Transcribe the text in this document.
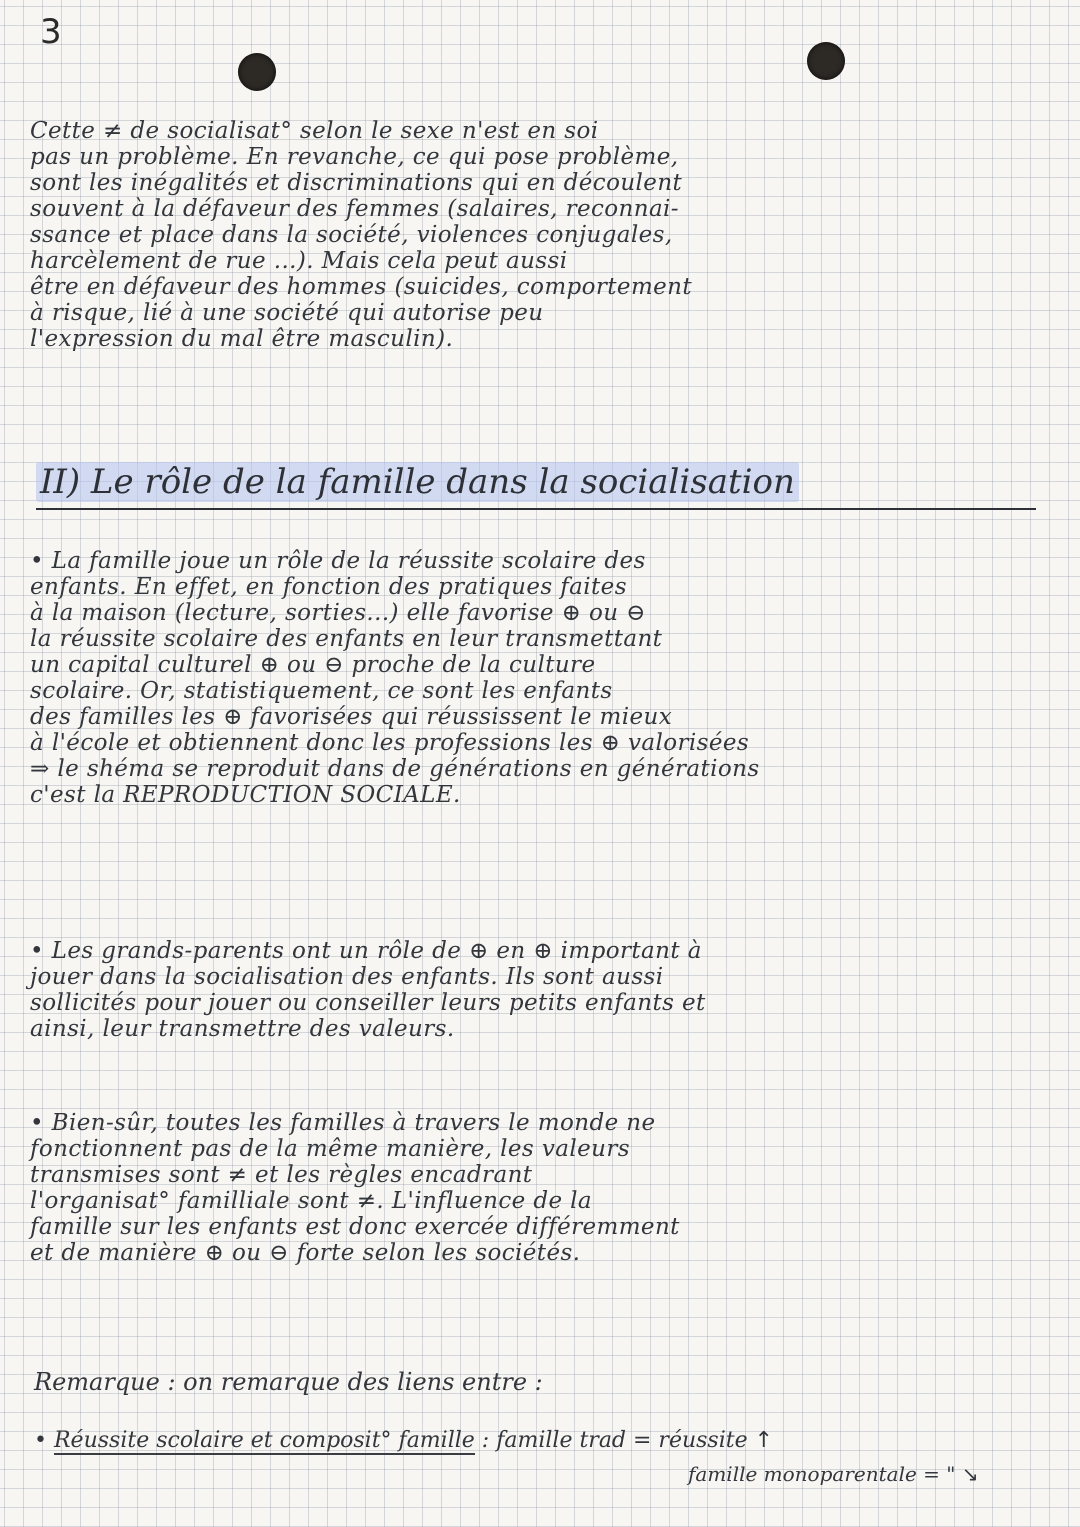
3
Cette ≠ de socialisat° selon le sexe n'est en soi
pas un problème. En revanche, ce qui pose problème,
sont les inégalités et discriminations qui en découlent
souvent à la défaveur des femmes (salaires, reconnai-
ssance et place dans la société, violences conjugales,
harcèlement de rue ...). Mais cela peut aussi
être en défaveur des hommes (suicides, comportement
à risque, lié à une société qui autorise peu
l'expression du mal être masculin).
II) Le rôle de la famille dans la socialisation
• La famille joue un rôle de la réussite scolaire des
enfants. En effet, en fonction des pratiques faites
à la maison (lecture, sorties...) elle favorise ⊕ ou ⊖
la réussite scolaire des enfants en leur transmettant
un capital culturel ⊕ ou ⊖ proche de la culture
scolaire. Or, statistiquement, ce sont les enfants
des familles les ⊕ favorisées qui réussissent le mieux
à l'école et obtiennent donc les professions les ⊕ valorisées
⇒ le shéma se reproduit dans de générations en générations
c'est la REPRODUCTION SOCIALE.
• Les grands-parents ont un rôle de ⊕ en ⊕ important à
jouer dans la socialisation des enfants. Ils sont aussi
sollicités pour jouer ou conseiller leurs petits enfants et
ainsi, leur transmettre des valeurs.
• Bien-sûr, toutes les familles à travers le monde ne
fonctionnent pas de la même manière, les valeurs
transmises sont ≠ et les règles encadrant
l'organisat° familliale sont ≠. L'influence de la
famille sur les enfants est donc exercée différemment
et de manière ⊕ ou ⊖ forte selon les sociétés.
Remarque : on remarque des liens entre :
• Réussite scolaire et composit° famille : famille trad = réussite ↑
famille monoparentale = " ↘
